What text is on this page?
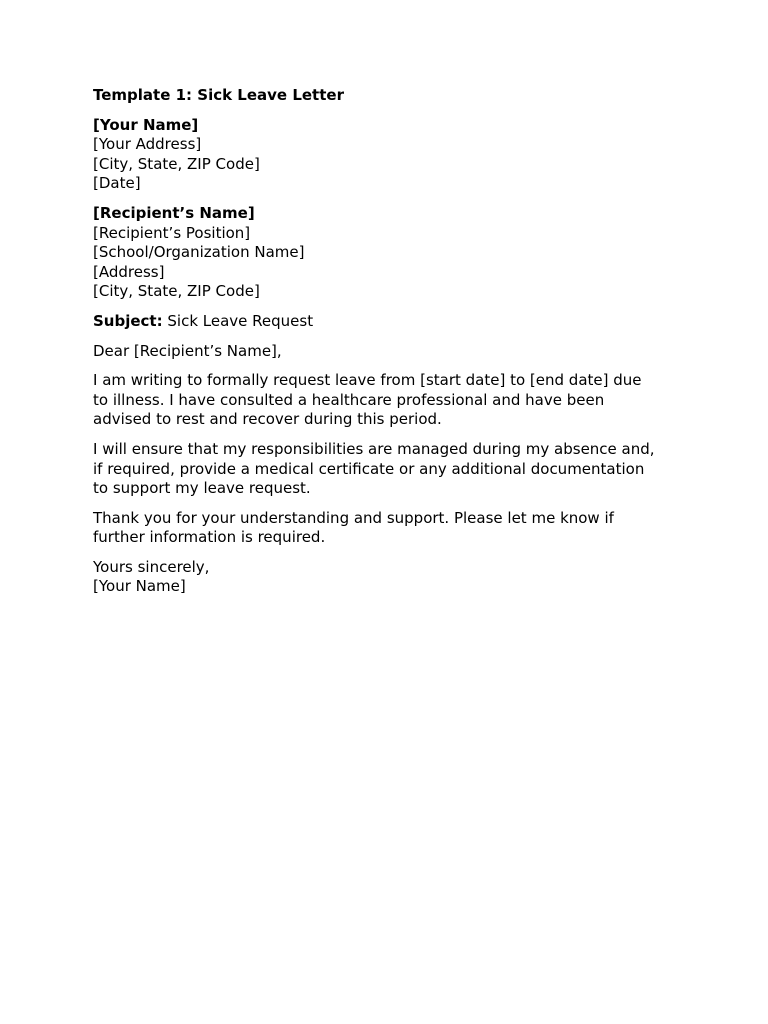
Template 1: Sick Leave Letter
[Your Name]
[Your Address]
[City, State, ZIP Code]
[Date]
[Recipient’s Name]
[Recipient’s Position]
[School/Organization Name]
[Address]
[City, State, ZIP Code]
Subject: Sick Leave Request
Dear [Recipient’s Name],

I am writing to formally request leave from [start date] to [end date] due
to illness. I have consulted a healthcare professional and have been
advised to rest and recover during this period.

I will ensure that my responsibilities are managed during my absence and,
if required, provide a medical certificate or any additional documentation
to support my leave request.

Thank you for your understanding and support. Please let me know if
further information is required.

Yours sincerely,
[Your Name]
